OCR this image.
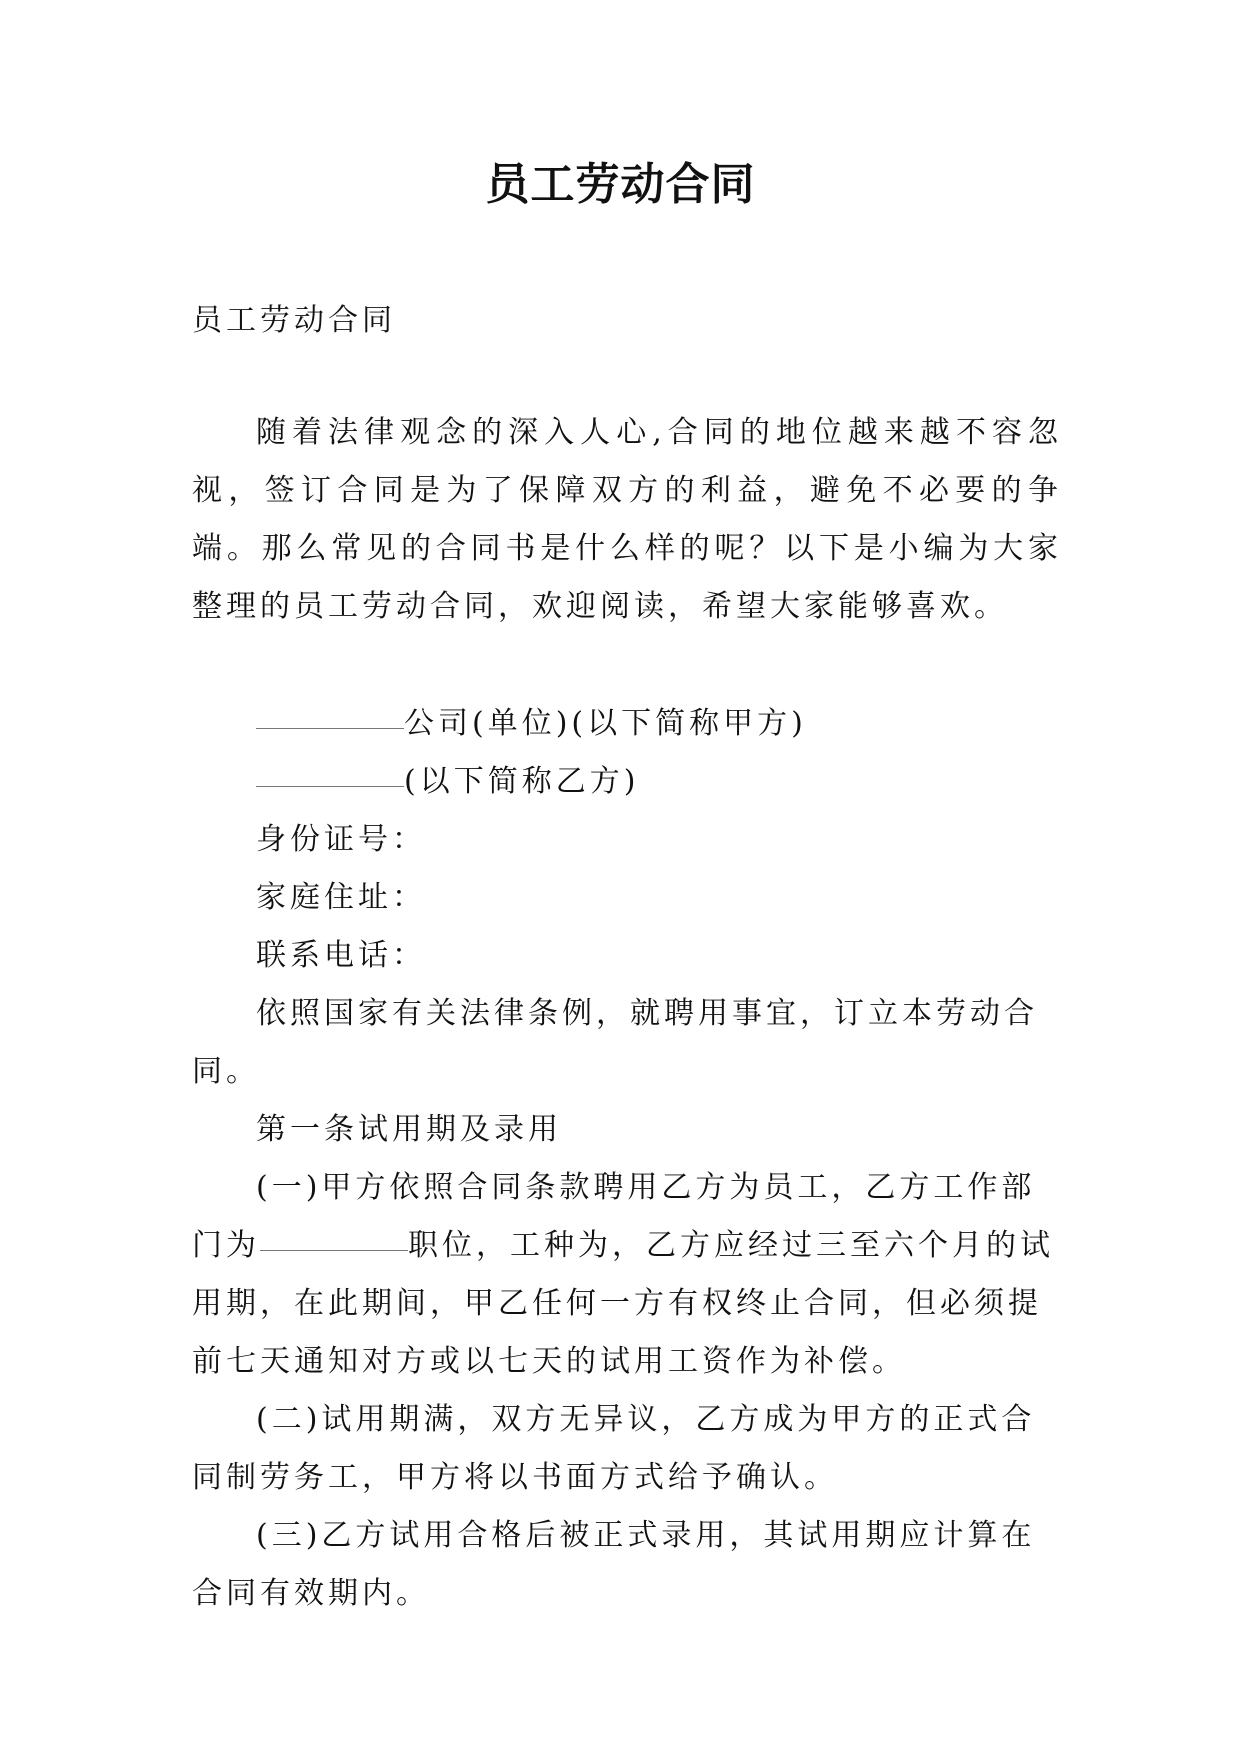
员工劳动合同

员工劳动合同

随着法律观念的深入人心,合同的地位越来越不容忽视，签订合同是为了保障双方的利益，避免不必要的争端。那么常见的合同书是什么样的呢？以下是小编为大家整理的员工劳动合同，欢迎阅读，希望大家能够喜欢。

公司(单位)(以下简称甲方)

(以下简称乙方)

身份证号：

家庭住址：

联系电话：

依照国家有关法律条例，就聘用事宜，订立本劳动合同。

第一条试用期及录用

(一)甲方依照合同条款聘用乙方为员工，乙方工作部门为	职位，工种为，乙方应经过三至六个月的试用期，在此期间，甲乙任何一方有权终止合同，但必须提前七天通知对方或以七天的试用工资作为补偿。

(二)试用期满，双方无异议，乙方成为甲方的正式合同制劳务工，甲方将以书面方式给予确认。

(三)乙方试用合格后被正式录用，其试用期应计算在合同有效期内。
